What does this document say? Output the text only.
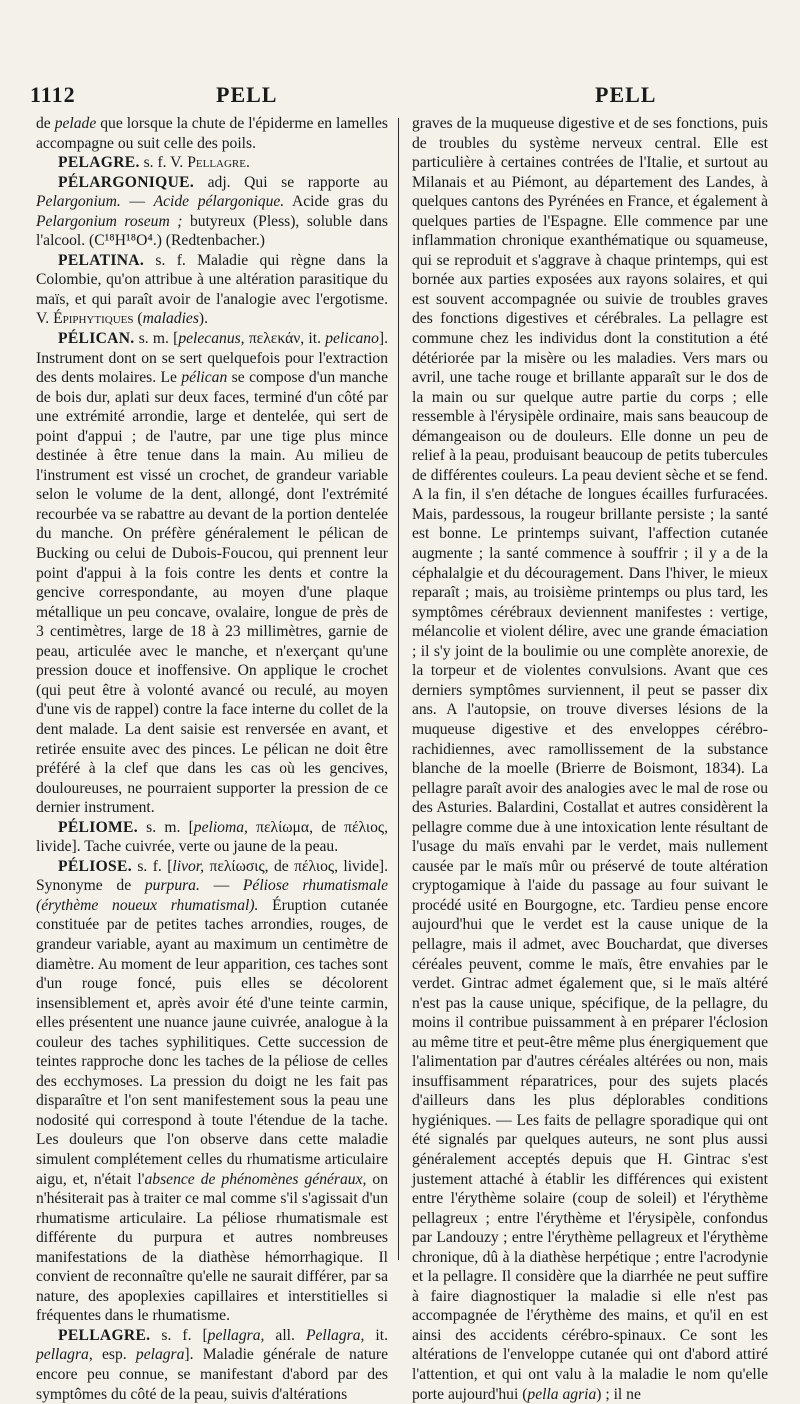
1112	PELL	PELL

de pelade que lorsque la chute de l'épiderme en lamelles accompagne ou suit celle des poils.

PELAGRE. s. f. V. Pellagre.

PÉLARGONIQUE. adj. Qui se rapporte au Pelargonium. — Acide pélargonique. Acide gras du Pelargonium roseum ; butyreux (Pless), soluble dans l'alcool. (C¹⁸H¹⁸O⁴.) (Redtenbacher.)

PELATINA. s. f. Maladie qui règne dans la Colombie, qu'on attribue à une altération parasitique du maïs, et qui paraît avoir de l'analogie avec l'ergotisme. V. Épiphytiques (maladies).

PÉLICAN. s. m. [pelecanus, πελεκάν, it. pelicano]. Instrument dont on se sert quelquefois pour l'extraction des dents molaires. Le pélican se compose d'un manche de bois dur, aplati sur deux faces, terminé d'un côté par une extrémité arrondie, large et dentelée, qui sert de point d'appui ; de l'autre, par une tige plus mince destinée à être tenue dans la main. Au milieu de l'instrument est vissé un crochet, de grandeur variable selon le volume de la dent, allongé, dont l'extrémité recourbée va se rabattre au devant de la portion dentelée du manche. On préfère généralement le pélican de Bucking ou celui de Dubois-Foucou, qui prennent leur point d'appui à la fois contre les dents et contre la gencive correspondante, au moyen d'une plaque métallique un peu concave, ovalaire, longue de près de 3 centimètres, large de 18 à 23 millimètres, garnie de peau, articulée avec le manche, et n'exerçant qu'une pression douce et inoffensive. On applique le crochet (qui peut être à volonté avancé ou reculé, au moyen d'une vis de rappel) contre la face interne du collet de la dent malade. La dent saisie est renversée en avant, et retirée ensuite avec des pinces. Le pélican ne doit être préféré à la clef que dans les cas où les gencives, douloureuses, ne pourraient supporter la pression de ce dernier instrument.

PÉLIOME. s. m. [pelioma, πελίωμα, de πέλιος, livide]. Tache cuivrée, verte ou jaune de la peau.

PÉLIOSE. s. f. [livor, πελίωσις, de πέλιος, livide]. Synonyme de purpura. — Péliose rhumatismale (érythème noueux rhumatismal). Éruption cutanée constituée par de petites taches arrondies, rouges, de grandeur variable, ayant au maximum un centimètre de diamètre. Au moment de leur apparition, ces taches sont d'un rouge foncé, puis elles se décolorent insensiblement et, après avoir été d'une teinte carmin, elles présentent une nuance jaune cuivrée, analogue à la couleur des taches syphilitiques. Cette succession de teintes rapproche donc les taches de la péliose de celles des ecchymoses. La pression du doigt ne les fait pas disparaître et l'on sent manifestement sous la peau une nodosité qui correspond à toute l'étendue de la tache. Les douleurs que l'on observe dans cette maladie simulent complétement celles du rhumatisme articulaire aigu, et, n'était l'absence de phénomènes généraux, on n'hésiterait pas à traiter ce mal comme s'il s'agissait d'un rhumatisme articulaire. La péliose rhumatismale est différente du purpura et autres nombreuses manifestations de la diathèse hémorrhagique. Il convient de reconnaître qu'elle ne saurait différer, par sa nature, des apoplexies capillaires et interstitielles si fréquentes dans le rhumatisme.

PELLAGRE. s. f. [pellagra, all. Pellagra, it. pellagra, esp. pelagra]. Maladie générale de nature encore peu connue, se manifestant d'abord par des symptômes du côté de la peau, suivis d'altérations

graves de la muqueuse digestive et de ses fonctions, puis de troubles du système nerveux central. Elle est particulière à certaines contrées de l'Italie, et surtout au Milanais et au Piémont, au département des Landes, à quelques cantons des Pyrénées en France, et également à quelques parties de l'Espagne. Elle commence par une inflammation chronique exanthématique ou squameuse, qui se reproduit et s'aggrave à chaque printemps, qui est bornée aux parties exposées aux rayons solaires, et qui est souvent accompagnée ou suivie de troubles graves des fonctions digestives et cérébrales. La pellagre est commune chez les individus dont la constitution a été détériorée par la misère ou les maladies. Vers mars ou avril, une tache rouge et brillante apparaît sur le dos de la main ou sur quelque autre partie du corps ; elle ressemble à l'érysipèle ordinaire, mais sans beaucoup de démangeaison ou de douleurs. Elle donne un peu de relief à la peau, produisant beaucoup de petits tubercules de différentes couleurs. La peau devient sèche et se fend. A la fin, il s'en détache de longues écailles furfuracées. Mais, pardessous, la rougeur brillante persiste ; la santé est bonne. Le printemps suivant, l'affection cutanée augmente ; la santé commence à souffrir ; il y a de la céphalalgie et du découragement. Dans l'hiver, le mieux reparaît ; mais, au troisième printemps ou plus tard, les symptômes cérébraux deviennent manifestes : vertige, mélancolie et violent délire, avec une grande émaciation ; il s'y joint de la boulimie ou une complète anorexie, de la torpeur et de violentes convulsions. Avant que ces derniers symptômes surviennent, il peut se passer dix ans. A l'autopsie, on trouve diverses lésions de la muqueuse digestive et des enveloppes cérébro-rachidiennes, avec ramollissement de la substance blanche de la moelle (Brierre de Boismont, 1834). La pellagre paraît avoir des analogies avec le mal de rose ou des Asturies. Balardini, Costallat et autres considèrent la pellagre comme due à une intoxication lente résultant de l'usage du maïs envahi par le verdet, mais nullement causée par le maïs mûr ou préservé de toute altération cryptogamique à l'aide du passage au four suivant le procédé usité en Bourgogne, etc. Tardieu pense encore aujourd'hui que le verdet est la cause unique de la pellagre, mais il admet, avec Bouchardat, que diverses céréales peuvent, comme le maïs, être envahies par le verdet. Gintrac admet également que, si le maïs altéré n'est pas la cause unique, spécifique, de la pellagre, du moins il contribue puissamment à en préparer l'éclosion au même titre et peut-être même plus énergiquement que l'alimentation par d'autres céréales altérées ou non, mais insuffisamment réparatrices, pour des sujets placés d'ailleurs dans les plus déplorables conditions hygiéniques. — Les faits de pellagre sporadique qui ont été signalés par quelques auteurs, ne sont plus aussi généralement acceptés depuis que H. Gintrac s'est justement attaché à établir les différences qui existent entre l'érythème solaire (coup de soleil) et l'érythème pellagreux ; entre l'érythème et l'érysipèle, confondus par Landouzy ; entre l'érythème pellagreux et l'érythème chronique, dû à la diathèse herpétique ; entre l'acrodynie et la pellagre. Il considère que la diarrhée ne peut suffire à faire diagnostiquer la maladie si elle n'est pas accompagnée de l'érythème des mains, et qu'il en est ainsi des accidents cérébro-spinaux. Ce sont les altérations de l'enveloppe cutanée qui ont d'abord attiré l'attention, et qui ont valu à la maladie le nom qu'elle porte aujourd'hui (pella agria) ; il ne
